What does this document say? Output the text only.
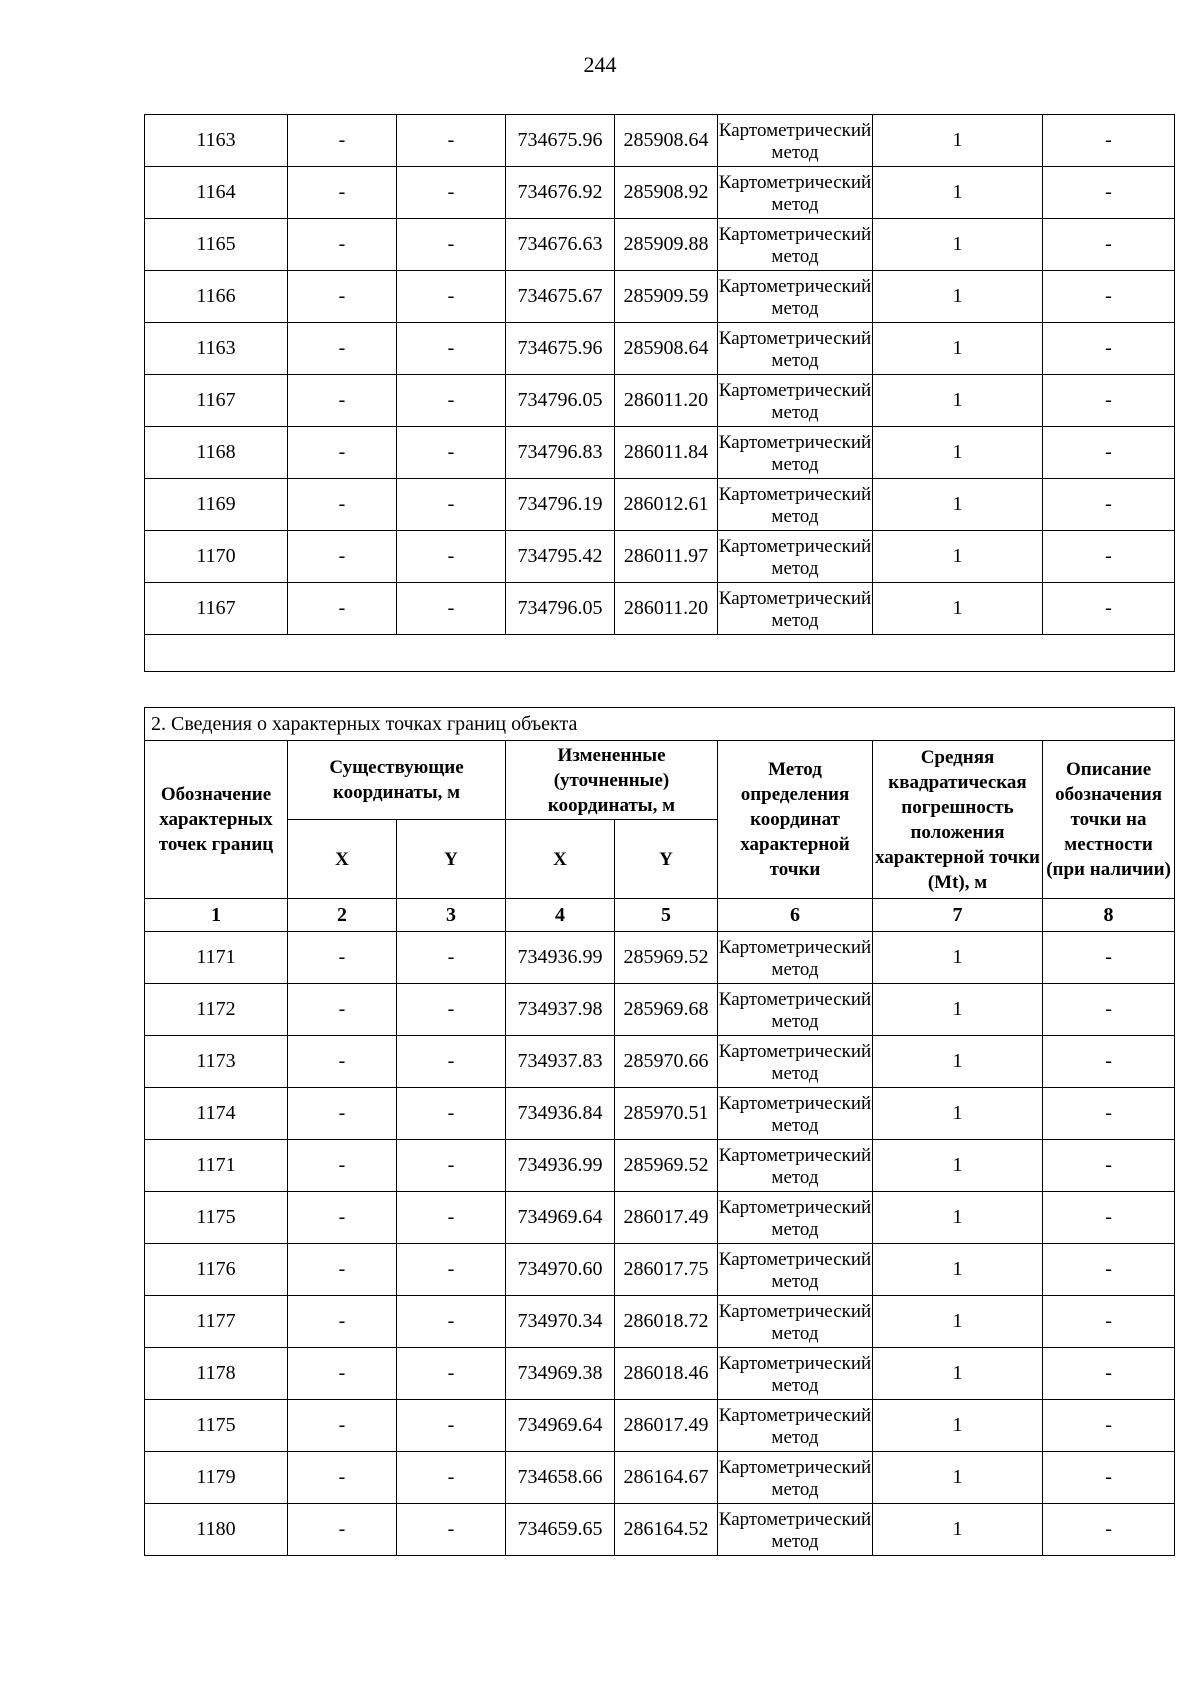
244
1163	-	-	734675.96	285908.64	Картометрический метод	1	-
1164	-	-	734676.92	285908.92	Картометрический метод	1	-
1165	-	-	734676.63	285909.88	Картометрический метод	1	-
1166	-	-	734675.67	285909.59	Картометрический метод	1	-
1163	-	-	734675.96	285908.64	Картометрический метод	1	-
1167	-	-	734796.05	286011.20	Картометрический метод	1	-
1168	-	-	734796.83	286011.84	Картометрический метод	1	-
1169	-	-	734796.19	286012.61	Картометрический метод	1	-
1170	-	-	734795.42	286011.97	Картометрический метод	1	-
1167	-	-	734796.05	286011.20	Картометрический метод	1	-

2. Сведения о характерных точках границ объекта							
Обозначение характерных точек границ	Существующие координаты, м		Измененные (уточненные) координаты, м		Метод определения координат характерной точки	Средняя квадратическая погрешность положения характерной точки (Mt), м	Описание обозначения точки на местности (при наличии)
	X	Y	X	Y			
1	2	3	4	5	6	7	8
1171	-	-	734936.99	285969.52	Картометрический метод	1	-
1172	-	-	734937.98	285969.68	Картометрический метод	1	-
1173	-	-	734937.83	285970.66	Картометрический метод	1	-
1174	-	-	734936.84	285970.51	Картометрический метод	1	-
1171	-	-	734936.99	285969.52	Картометрический метод	1	-
1175	-	-	734969.64	286017.49	Картометрический метод	1	-
1176	-	-	734970.60	286017.75	Картометрический метод	1	-
1177	-	-	734970.34	286018.72	Картометрический метод	1	-
1178	-	-	734969.38	286018.46	Картометрический метод	1	-
1175	-	-	734969.64	286017.49	Картометрический метод	1	-
1179	-	-	734658.66	286164.67	Картометрический метод	1	-
1180	-	-	734659.65	286164.52	Картометрический метод	1	-
